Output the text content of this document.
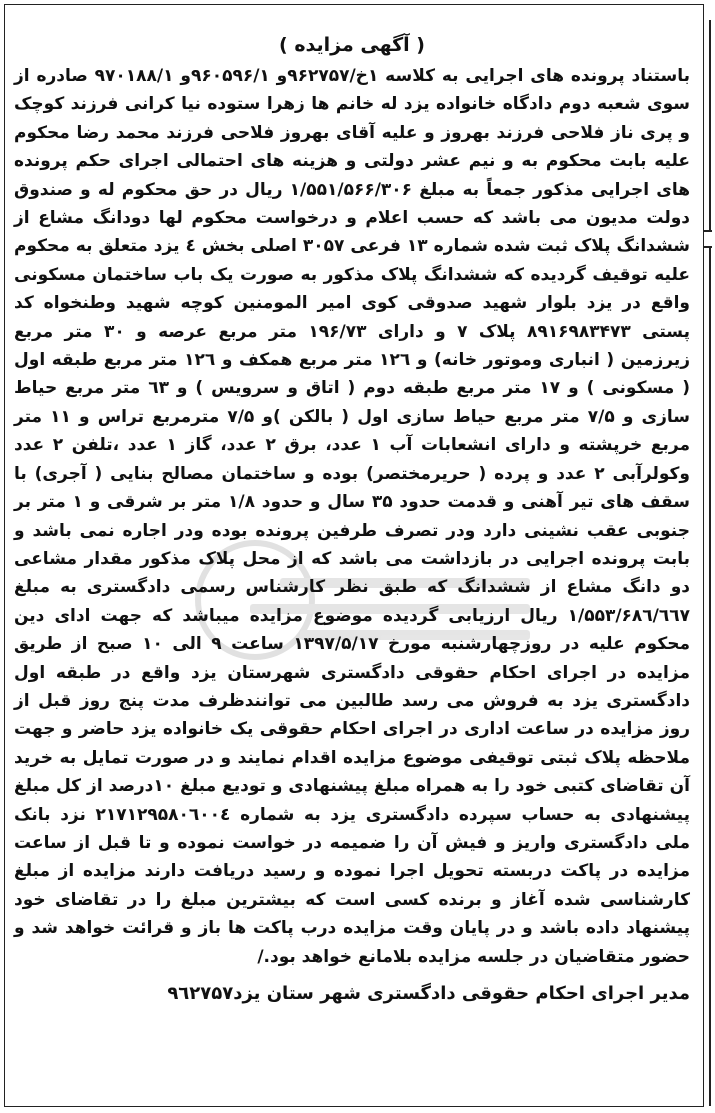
( آگهی مزایده )

باستناد پرونده های اجرایی به کلاسه ۱خ/۹۶۲۷۵۷و ۹۶۰۵۹۶/۱و ۹۷۰۱۸۸/۱ صادره از سوی شعبه دوم دادگاه خانواده یزد له خانم ها زهرا ستوده نیا کرانی فرزند کوچک و پری ناز فلاحی فرزند بهروز و علیه آقای بهروز فلاحی فرزند محمد رضا محکوم علیه بابت محکوم به و نیم عشر دولتی و هزینه های احتمالی اجرای حکم پرونده های اجرایی مذکور جمعاً به مبلغ ۱/۵۵۱/۵۶۶/۳۰۶ ریال در حق محکوم له و صندوق دولت مدیون می باشد که حسب اعلام و درخواست محکوم لها دودانگ مشاع از ششدانگ پلاک ثبت شده شماره ۱۳ فرعی ۳۰۵۷ اصلی بخش ٤ یزد متعلق به محکوم علیه توقیف گردیده که ششدانگ پلاک مذکور به صورت یک باب ساختمان مسکونی واقع در یزد بلوار شهید صدوقی کوی امیر المومنین کوچه شهید وطنخواه کد پستی ۸۹۱۶۹۸۳۴۷۳ پلاک ۷ و دارای ۱۹۶/۷۳ متر مربع عرصه و ۳۰ متر مربع زیرزمین ( انباری وموتور خانه) و ۱۲٦ متر مربع همکف و ۱۲٦ متر مربع طبقه اول ( مسکونی ) و ۱۷ متر مربع طبقه دوم ( اتاق و سرویس ) و ٦۳ متر مربع حیاط سازی و ۷/۵ متر مربع حیاط سازی اول ( بالکن )و ۷/۵ مترمربع تراس و ۱۱ متر مربع خرپشته و دارای انشعابات آب ۱ عدد، برق ۲ عدد، گاز ۱ عدد ،تلفن ۲ عدد وکولرآبی ۲ عدد و پرده ( حریرمختصر) بوده و ساختمان مصالح بنایی ( آجری) با سقف های تیر آهنی و قدمت حدود ۳۵ سال و حدود ۱/۸ متر بر شرقی و ۱ متر بر جنوبی عقب نشینی دارد ودر تصرف طرفین پرونده بوده ودر اجاره نمی باشد و بابت پرونده اجرایی در بازداشت می باشد که از محل پلاک مذکور مقدار مشاعی دو دانگ مشاع از ششدانگ که طبق نظر کارشناس رسمی دادگستری به مبلغ ۱/۵۵۳/۶۸٦/٦٦۷ ریال ارزیابی گردیده موضوع مزایده میباشد که جهت ادای دین محکوم علیه در روزچهارشنبه مورخ ۱۳۹۷/۵/۱۷ ساعت ۹ الی ۱۰ صبح از طریق مزایده در اجرای احکام حقوقی دادگستری شهرستان یزد واقع در طبقه اول دادگستری یزد به فروش می رسد طالبین می توانندظرف مدت پنج روز قبل از روز مزایده در ساعت اداری در اجرای احکام حقوقی یک خانواده یزد حاضر و جهت ملاحظه پلاک ثبتی توقیفی موضوع مزایده اقدام نمایند و در صورت تمایل به خرید آن تقاضای کتبی خود را به همراه مبلغ پیشنهادی و تودیع مبلغ ۱۰درصد از کل مبلغ پیشنهادی به حساب سپرده دادگستری یزد به شماره ۲۱۷۱۲۹۵۸۰٦۰۰٤ نزد بانک ملی دادگستری واریز و فیش آن را ضمیمه در خواست نموده و تا قبل از ساعت مزایده در پاکت دربسته تحویل اجرا نموده و رسید دریافت دارند مزایده از مبلغ کارشناسی شده آغاز و برنده کسی است که بیشترین مبلغ را در تقاضای خود پیشنهاد داده باشد و در پایان وقت مزایده درب پاکت ها باز و قرائت خواهد شد و حضور متقاضیان در جلسه مزایده بلامانع خواهد بود./

مدیر اجرای احکام حقوقی دادگستری شهر ستان یزد۹٦۲۷۵۷
